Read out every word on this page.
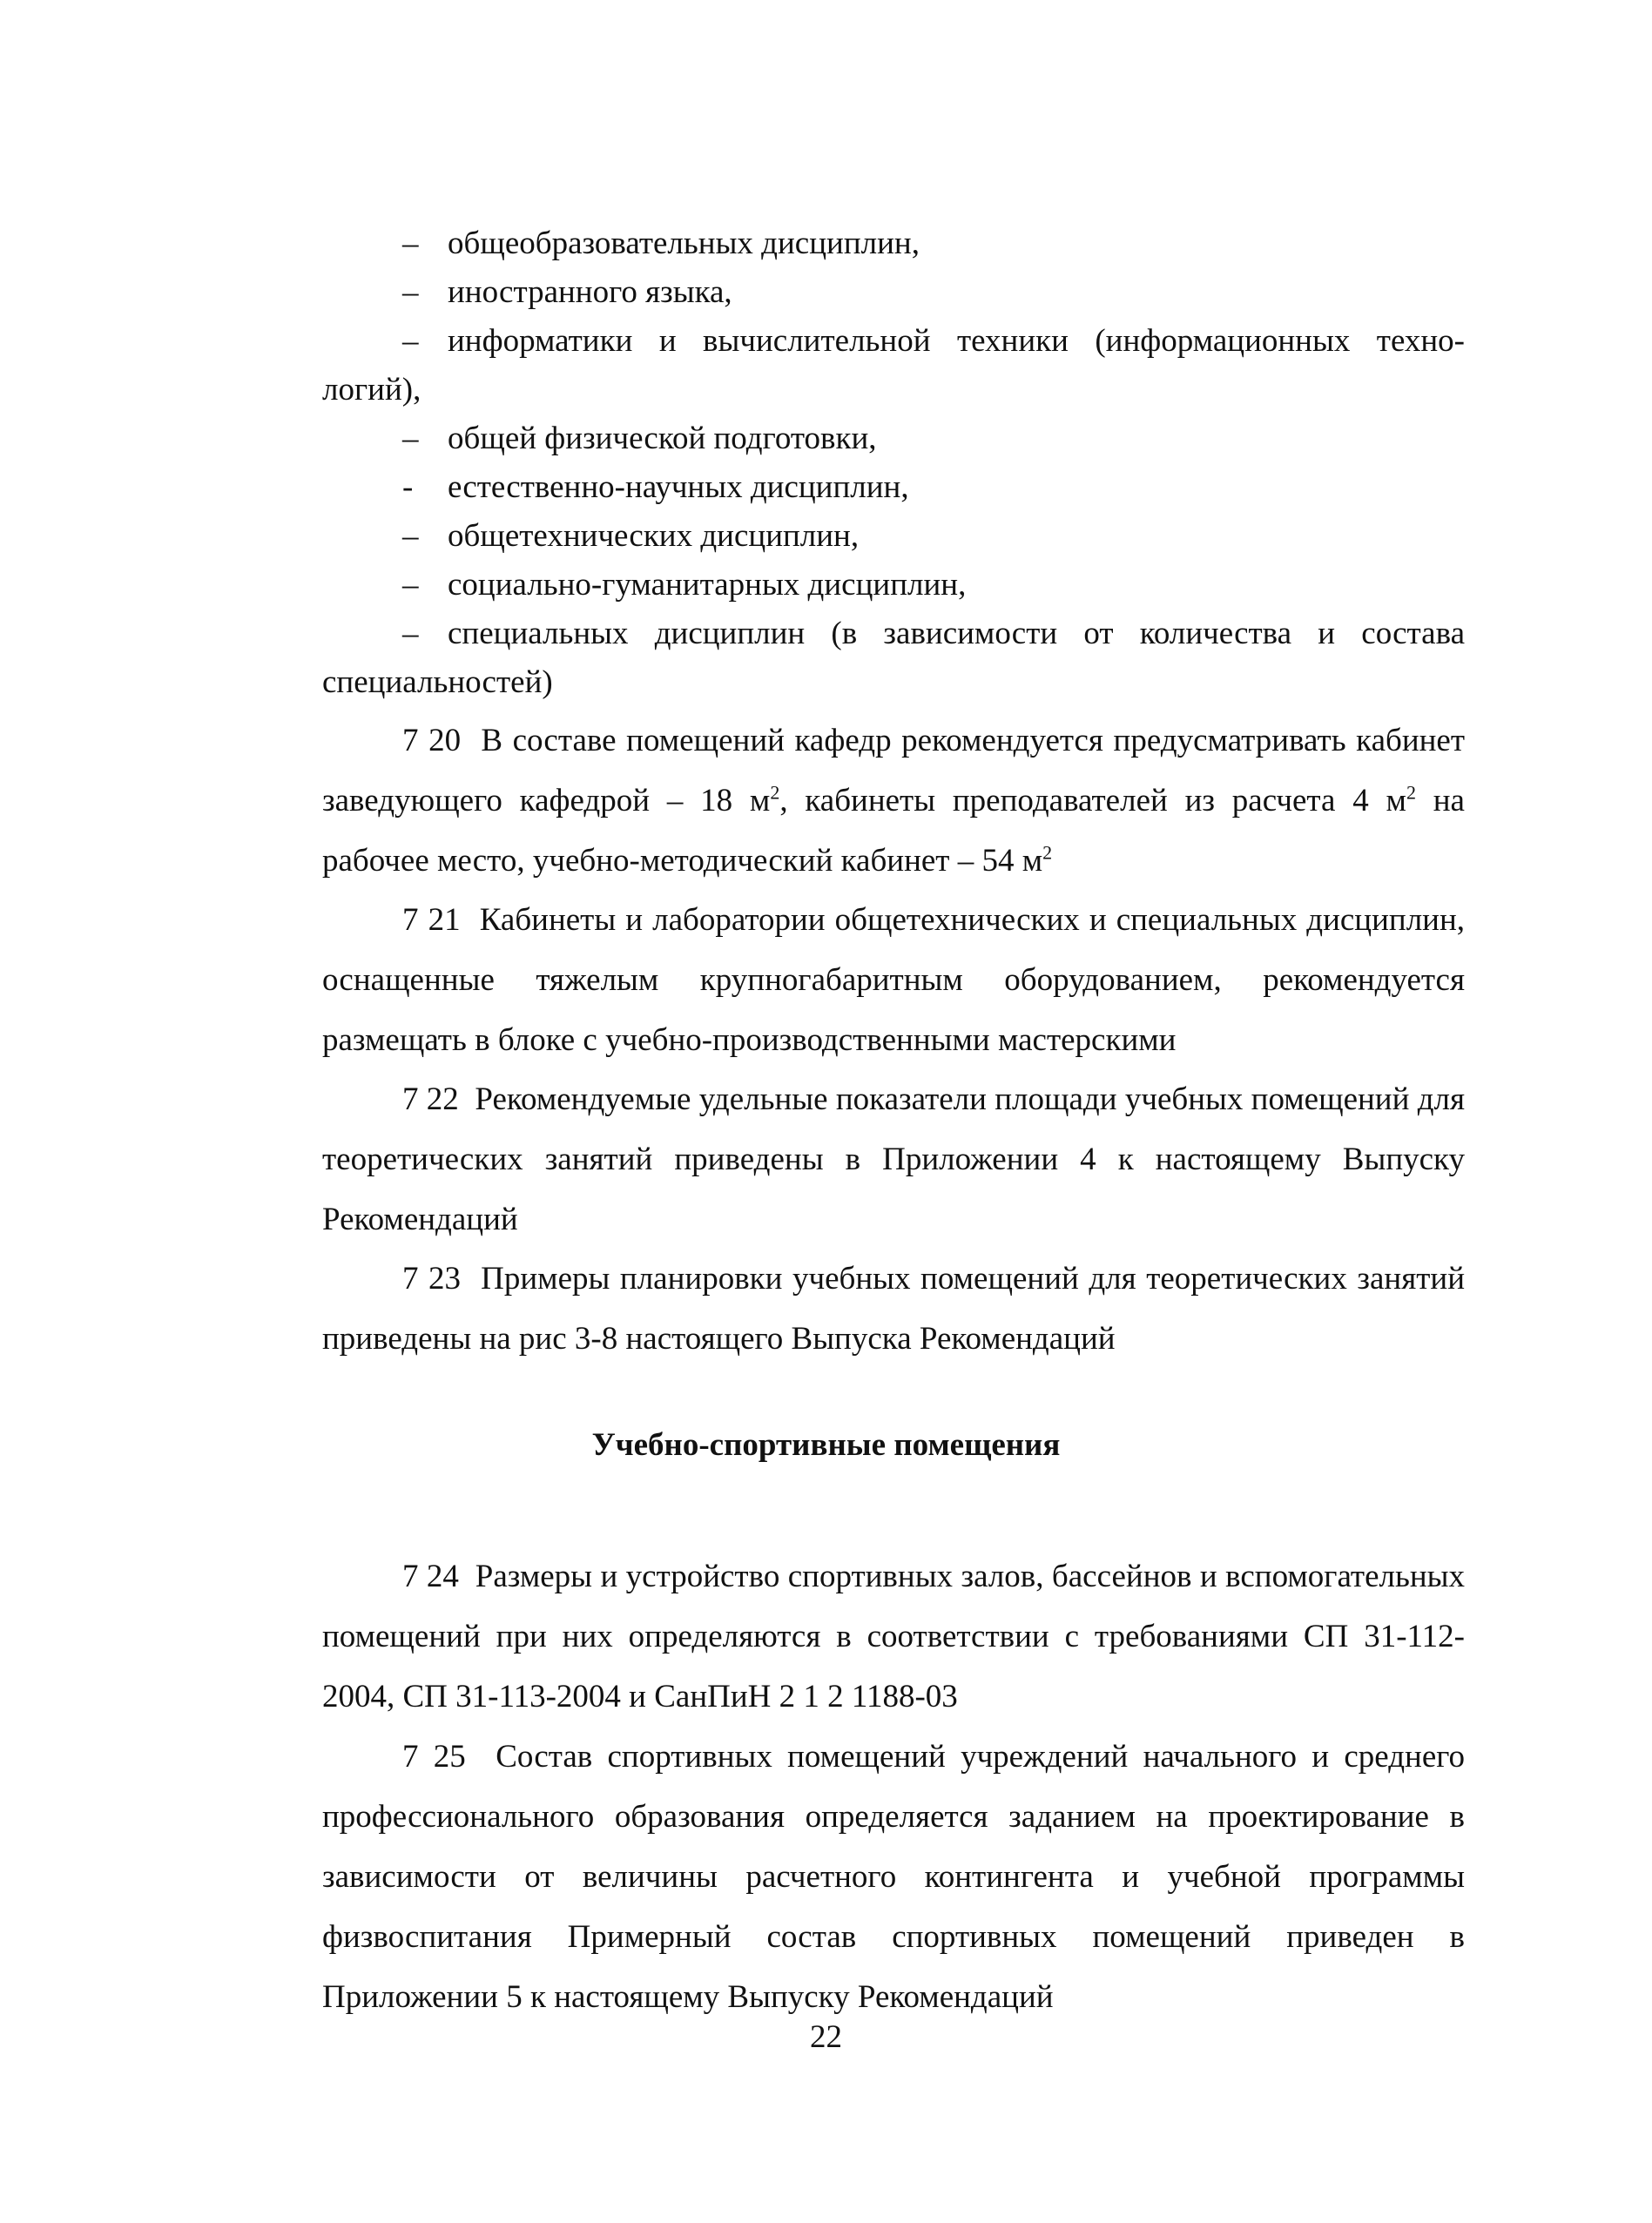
– общеобразовательных дисциплин,
– иностранного языка,
– информатики и вычислительной техники (информационных техно-
логий),
– общей физической подготовки,
- естественно-научных дисциплин,
– общетехнических дисциплин,
– социально-гуманитарных дисциплин,
– специальных дисциплин (в зависимости от количества и состава
специальностей)
7 20 В составе помещений кафедр рекомендуется предусматривать кабинет заведующего кафедрой – 18 $м^2$, кабинеты преподавателей из расчета 4 $м^2$ на рабочее место, учебно-методический кабинет – 54 $м^2$
7 21 Кабинеты и лаборатории общетехнических и специальных дисциплин, оснащенные тяжелым крупногабаритным оборудованием, рекомендуется размещать в блоке с учебно-производственными мастерскими
7 22 Рекомендуемые удельные показатели площади учебных помещений для теоретических занятий приведены в Приложении 4 к настоящему Выпуску Рекомендаций
7 23 Примеры планировки учебных помещений для теоретических занятий приведены на рис 3-8 настоящего Выпуска Рекомендаций
Учебно-спортивные помещения
7 24 Размеры и устройство спортивных залов, бассейнов и вспомогательных помещений при них определяются в соответствии с требованиями СП 31-112-2004, СП 31-113-2004 и СанПиН 2 1 2 1188-03
7 25 Состав спортивных помещений учреждений начального и среднего профессионального образования определяется заданием на проектирование в зависимости от величины расчетного контингента и учебной программы физвоспитания Примерный состав спортивных помещений приведен в Приложении 5 к настоящему Выпуску Рекомендаций
22
